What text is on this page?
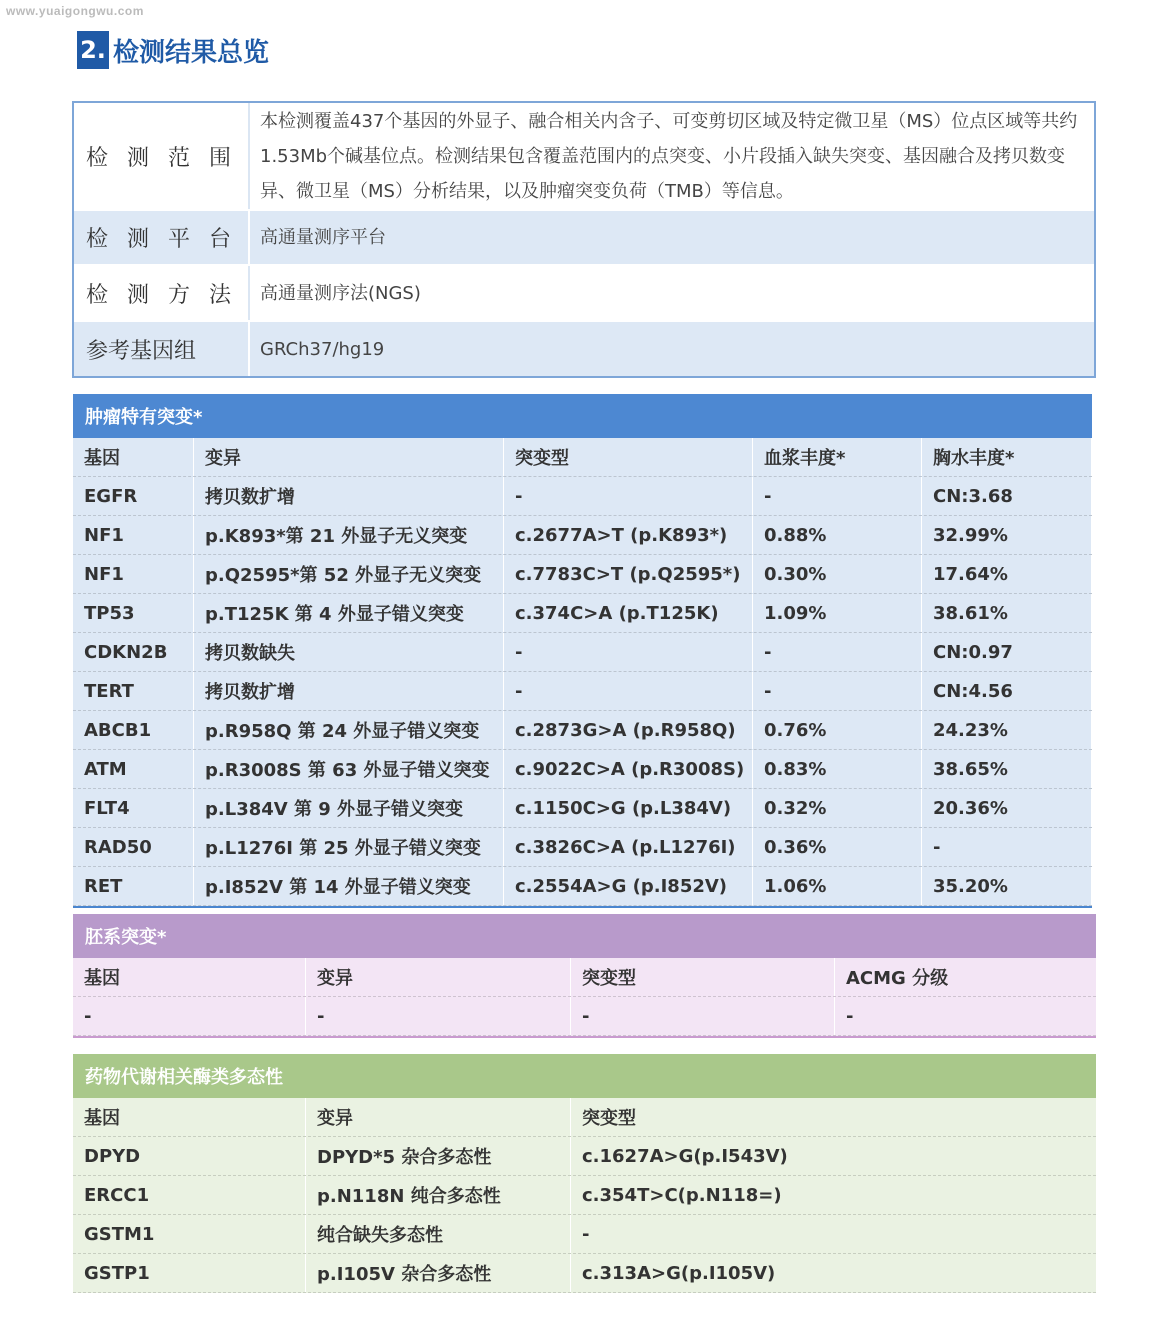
www.yuaigongwu.com
2. 检测结果总览
检 测 范 围
本检测覆盖437个基因的外显子、融合相关内含子、可变剪切区域及特定微卫星（MS）位点区域等共约1.53Mb个碱基位点。检测结果包含覆盖范围内的点突变、小片段插入缺失突变、基因融合及拷贝数变异、微卫星（MS）分析结果，以及肿瘤突变负荷（TMB）等信息。
检 测 平 台	高通量测序平台
检 测 方 法	高通量测序法(NGS)
参考基因组	GRCh37/hg19
肿瘤特有突变*
基因	变异	突变型	血浆丰度*	胸水丰度*
EGFR	拷贝数扩增	-	-	CN:3.68
NF1	p.K893*第 21 外显子无义突变	c.2677A>T (p.K893*)	0.88%	32.99%
NF1	p.Q2595*第 52 外显子无义突变	c.7783C>T (p.Q2595*)	0.30%	17.64%
TP53	p.T125K 第 4 外显子错义突变	c.374C>A (p.T125K)	1.09%	38.61%
CDKN2B	拷贝数缺失	-	-	CN:0.97
TERT	拷贝数扩增	-	-	CN:4.56
ABCB1	p.R958Q 第 24 外显子错义突变	c.2873G>A (p.R958Q)	0.76%	24.23%
ATM	p.R3008S 第 63 外显子错义突变	c.9022C>A (p.R3008S)	0.83%	38.65%
FLT4	p.L384V 第 9 外显子错义突变	c.1150C>G (p.L384V)	0.32%	20.36%
RAD50	p.L1276I 第 25 外显子错义突变	c.3826C>A (p.L1276I)	0.36%	-
RET	p.I852V 第 14 外显子错义突变	c.2554A>G (p.I852V)	1.06%	35.20%
胚系突变*
基因	变异	突变型	ACMG 分级
-	-	-	-
药物代谢相关酶类多态性
基因	变异	突变型
DPYD	DPYD*5 杂合多态性	c.1627A>G(p.I543V)
ERCC1	p.N118N 纯合多态性	c.354T>C(p.N118=)
GSTM1	纯合缺失多态性	-
GSTP1	p.I105V 杂合多态性	c.313A>G(p.I105V)
